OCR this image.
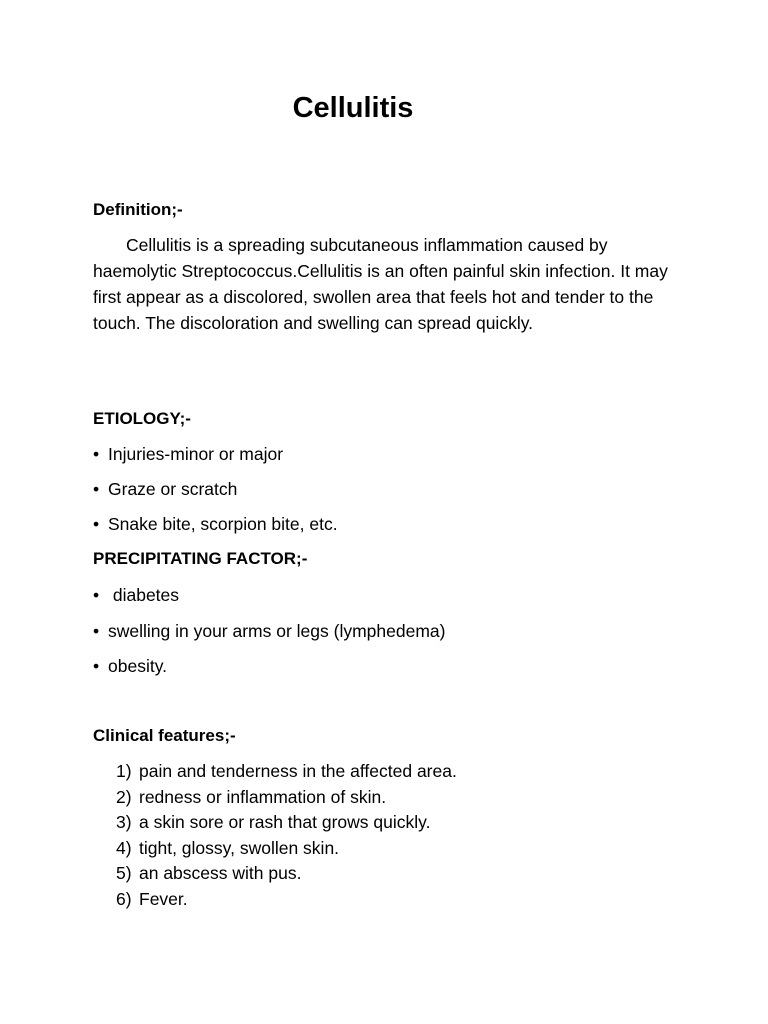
Cellulitis
Definition;-
Cellulitis is a spreading subcutaneous inflammation caused by haemolytic Streptococcus.Cellulitis is an often painful skin infection. It may first appear as a discolored, swollen area that feels hot and tender to the touch. The discoloration and swelling can spread quickly.
ETIOLOGY;-
• Injuries-minor or major
• Graze or scratch
• Snake bite, scorpion bite, etc.
PRECIPITATING FACTOR;-
• diabetes
• swelling in your arms or legs (lymphedema)
• obesity.
Clinical features;-
1) pain and tenderness in the affected area.
2) redness or inflammation of skin.
3) a skin sore or rash that grows quickly.
4) tight, glossy, swollen skin.
5) an abscess with pus.
6) Fever.
